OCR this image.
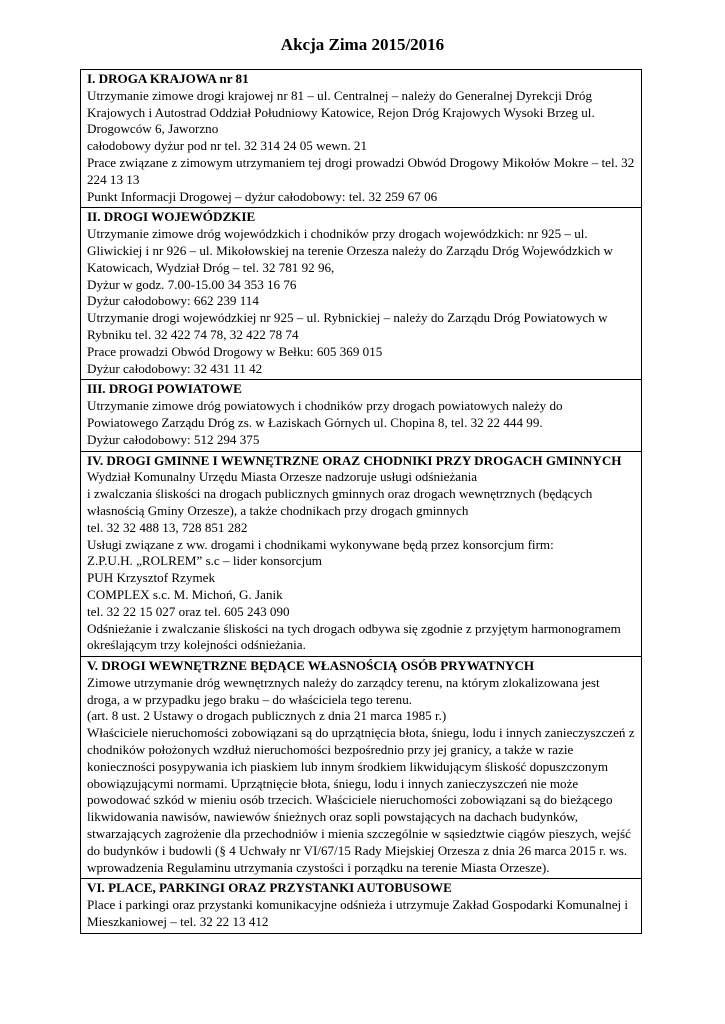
Akcja Zima 2015/2016
I. DROGA KRAJOWA nr 81
Utrzymanie zimowe drogi krajowej nr 81 – ul. Centralnej – należy do Generalnej Dyrekcji Dróg Krajowych i Autostrad Oddział Południowy Katowice, Rejon Dróg Krajowych Wysoki Brzeg ul. Drogowców 6, Jaworzno
całodobowy dyżur pod nr tel. 32 314 24 05 wewn. 21
Prace związane z zimowym utrzymaniem tej drogi prowadzi Obwód Drogowy Mikołów Mokre – tel. 32 224 13 13
Punkt Informacji Drogowej – dyżur całodobowy: tel. 32 259 67 06

II. DROGI WOJEWÓDZKIE
Utrzymanie zimowe dróg wojewódzkich i chodników przy drogach wojewódzkich: nr 925 – ul. Gliwickiej i nr 926 – ul. Mikołowskiej na terenie Orzesza należy do Zarządu Dróg Wojewódzkich w Katowicach, Wydział Dróg – tel. 32 781 92 96,
Dyżur w godz. 7.00-15.00 34 353 16 76
Dyżur całodobowy: 662 239 114
Utrzymanie drogi wojewódzkiej nr 925 – ul. Rybnickiej – należy do Zarządu Dróg Powiatowych w Rybniku tel. 32 422 74 78, 32 422 78 74
Prace prowadzi Obwód Drogowy w Bełku: 605 369 015
Dyżur całodobowy: 32 431 11 42

III. DROGI POWIATOWE
Utrzymanie zimowe dróg powiatowych i chodników przy drogach powiatowych należy do Powiatowego Zarządu Dróg zs. w Łaziskach Górnych ul. Chopina 8, tel. 32 22 444 99.
Dyżur całodobowy: 512 294 375

IV. DROGI GMINNE I WEWNĘTRZNE ORAZ CHODNIKI PRZY DROGACH GMINNYCH
Wydział Komunalny Urzędu Miasta Orzesze nadzoruje usługi odśnieżania
i zwalczania śliskości na drogach publicznych gminnych oraz drogach wewnętrznych (będących własnością Gminy Orzesze), a także chodnikach przy drogach gminnych
tel. 32 32 488 13, 728 851 282
Usługi związane z ww. drogami i chodnikami wykonywane będą przez konsorcjum firm:
Z.P.U.H. „ROLREM” s.c – lider konsorcjum
PUH Krzysztof Rzymek
COMPLEX s.c. M. Michoń, G. Janik
tel. 32 22 15 027 oraz tel. 605 243 090
Odśnieżanie i zwalczanie śliskości na tych drogach odbywa się zgodnie z przyjętym harmonogramem określającym trzy kolejności odśnieżania.

V. DROGI WEWNĘTRZNE BĘDĄCE WŁASNOŚCIĄ OSÓB PRYWATNYCH
Zimowe utrzymanie dróg wewnętrznych należy do zarządcy terenu, na którym zlokalizowana jest droga, a w przypadku jego braku – do właściciela tego terenu.
(art. 8 ust. 2 Ustawy o drogach publicznych z dnia 21 marca 1985 r.)
Właściciele nieruchomości zobowiązani są do uprzątnięcia błota, śniegu, lodu i innych zanieczyszczeń z chodników położonych wzdłuż nieruchomości bezpośrednio przy jej granicy, a także w razie konieczności posypywania ich piaskiem lub innym środkiem likwidującym śliskość dopuszczonym obowiązującymi normami. Uprzątnięcie błota, śniegu, lodu i innych zanieczyszczeń nie może powodować szkód w mieniu osób trzecich. Właściciele nieruchomości zobowiązani są do bieżącego likwidowania nawisów, nawiewów śnieżnych oraz sopli powstających na dachach budynków, stwarzających zagrożenie dla przechodniów i mienia szczególnie w sąsiedztwie ciągów pieszych, wejść do budynków i budowli (§ 4 Uchwały nr VI/67/15 Rady Miejskiej Orzesza z dnia 26 marca 2015 r. ws. wprowadzenia Regulaminu utrzymania czystości i porządku na terenie Miasta Orzesze).

VI. PLACE, PARKINGI ORAZ PRZYSTANKI AUTOBUSOWE
Place i parkingi oraz przystanki komunikacyjne odśnieża i utrzymuje Zakład Gospodarki Komunalnej i Mieszkaniowej – tel. 32 22 13 412
